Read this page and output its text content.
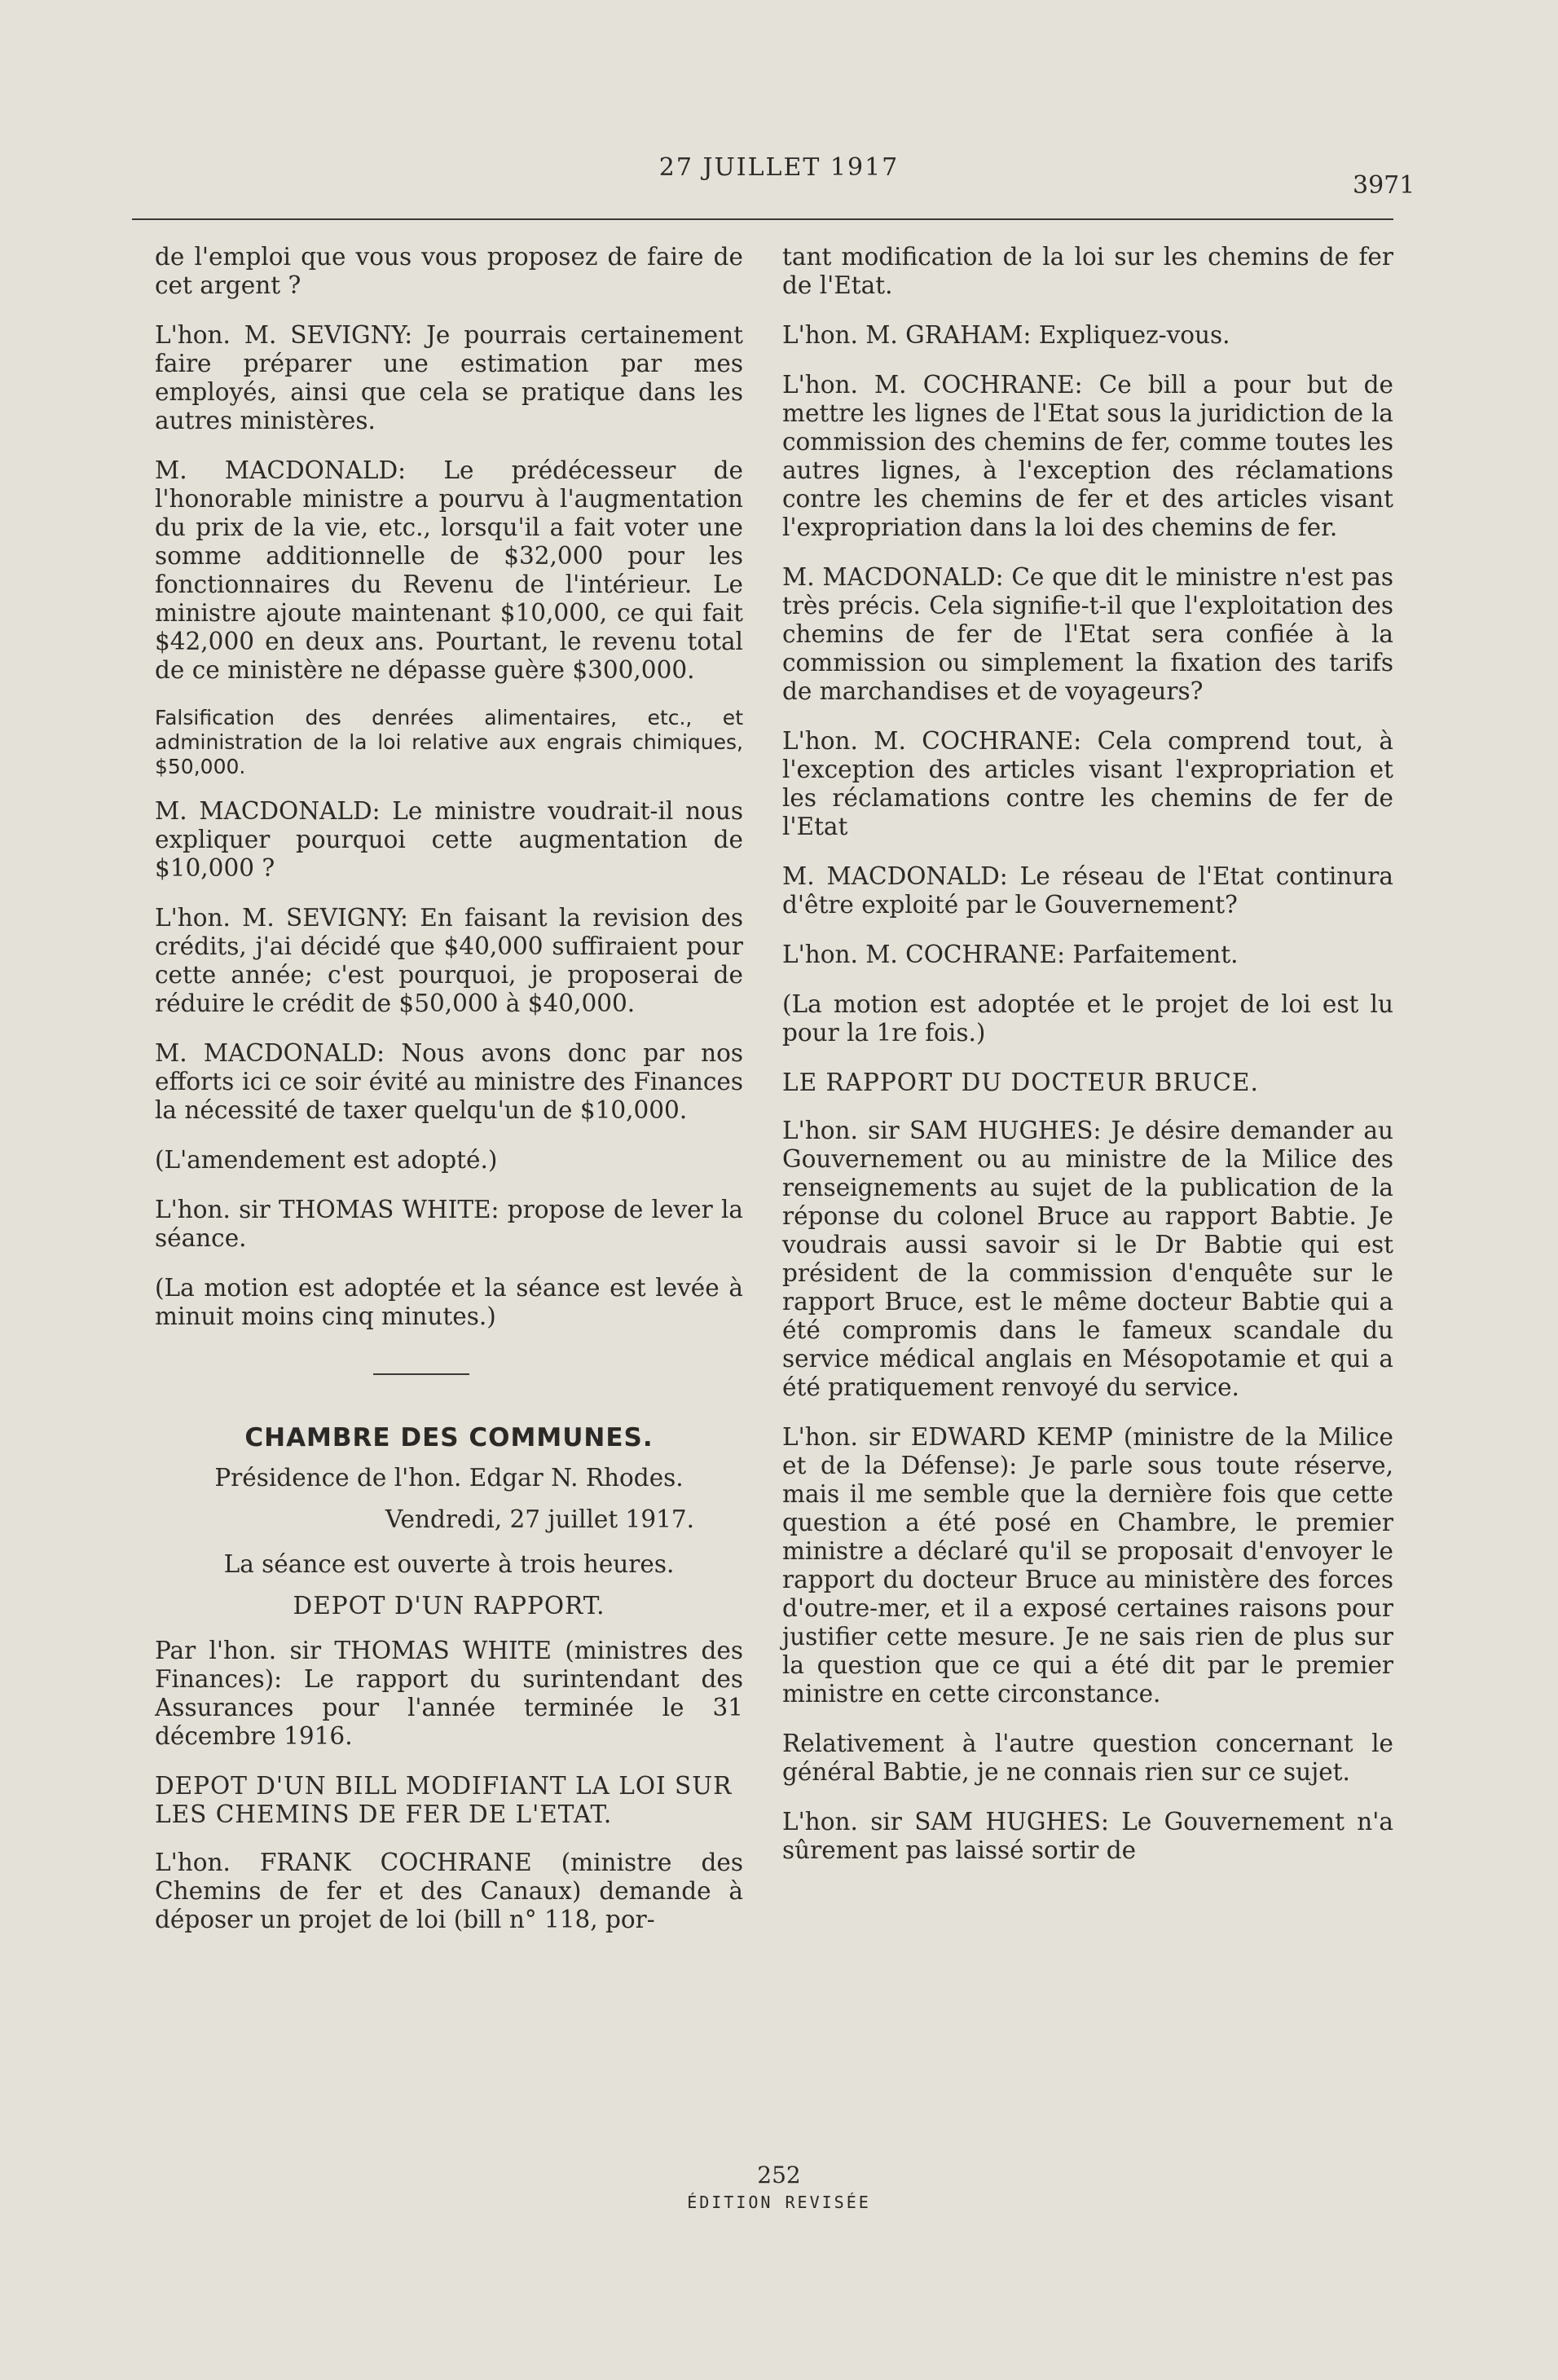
27 JUILLET 1917
3971

de l'emploi que vous vous proposez de faire de cet argent ?

L'hon. M. SEVIGNY: Je pourrais certainement faire préparer une estimation par mes employés, ainsi que cela se pratique dans les autres ministères.

M. MACDONALD: Le prédécesseur de l'honorable ministre a pourvu à l'augmentation du prix de la vie, etc., lorsqu'il a fait voter une somme additionnelle de $32,000 pour les fonctionnaires du Revenu de l'intérieur. Le ministre ajoute maintenant $10,000, ce qui fait $42,000 en deux ans. Pourtant, le revenu total de ce ministère ne dépasse guère $300,000.

Falsification des denrées alimentaires, etc., et administration de la loi relative aux engrais chimiques, $50,000.

M. MACDONALD: Le ministre voudrait-il nous expliquer pourquoi cette augmentation de $10,000 ?

L'hon. M. SEVIGNY: En faisant la revision des crédits, j'ai décidé que $40,000 suffiraient pour cette année; c'est pourquoi, je proposerai de réduire le crédit de $50,000 à $40,000.

M. MACDONALD: Nous avons donc par nos efforts ici ce soir évité au ministre des Finances la nécessité de taxer quelqu'un de $10,000.

(L'amendement est adopté.)

L'hon. sir THOMAS WHITE: propose de lever la séance.

(La motion est adoptée et la séance est levée à minuit moins cinq minutes.)

CHAMBRE DES COMMUNES.

Présidence de l'hon. Edgar N. Rhodes.

Vendredi, 27 juillet 1917.

La séance est ouverte à trois heures.

DEPOT D'UN RAPPORT.

Par l'hon. sir THOMAS WHITE (ministres des Finances): Le rapport du surintendant des Assurances pour l'année terminée le 31 décembre 1916.

DEPOT D'UN BILL MODIFIANT LA LOI SUR LES CHEMINS DE FER DE L'ETAT.

L'hon. FRANK COCHRANE (ministre des Chemins de fer et des Canaux) demande à déposer un projet de loi (bill n° 118, por-

tant modification de la loi sur les chemins de fer de l'Etat.

L'hon. M. GRAHAM: Expliquez-vous.

L'hon. M. COCHRANE: Ce bill a pour but de mettre les lignes de l'Etat sous la juridiction de la commission des chemins de fer, comme toutes les autres lignes, à l'exception des réclamations contre les chemins de fer et des articles visant l'expropriation dans la loi des chemins de fer.

M. MACDONALD: Ce que dit le ministre n'est pas très précis. Cela signifie-t-il que l'exploitation des chemins de fer de l'Etat sera confiée à la commission ou simplement la fixation des tarifs de marchandises et de voyageurs?

L'hon. M. COCHRANE: Cela comprend tout, à l'exception des articles visant l'expropriation et les réclamations contre les chemins de fer de l'Etat

M. MACDONALD: Le réseau de l'Etat continura d'être exploité par le Gouvernement?

L'hon. M. COCHRANE: Parfaitement.

(La motion est adoptée et le projet de loi est lu pour la 1re fois.)

LE RAPPORT DU DOCTEUR BRUCE.

L'hon. sir SAM HUGHES: Je désire demander au Gouvernement ou au ministre de la Milice des renseignements au sujet de la publication de la réponse du colonel Bruce au rapport Babtie. Je voudrais aussi savoir si le Dr Babtie qui est président de la commission d'enquête sur le rapport Bruce, est le même docteur Babtie qui a été compromis dans le fameux scandale du service médical anglais en Mésopotamie et qui a été pratiquement renvoyé du service.

L'hon. sir EDWARD KEMP (ministre de la Milice et de la Défense): Je parle sous toute réserve, mais il me semble que la dernière fois que cette question a été posé en Chambre, le premier ministre a déclaré qu'il se proposait d'envoyer le rapport du docteur Bruce au ministère des forces d'outre-mer, et il a exposé certaines raisons pour justifier cette mesure. Je ne sais rien de plus sur la question que ce qui a été dit par le premier ministre en cette circonstance.

Relativement à l'autre question concernant le général Babtie, je ne connais rien sur ce sujet.

L'hon. sir SAM HUGHES: Le Gouvernement n'a sûrement pas laissé sortir de

252
ÉDITION REVISÉE
